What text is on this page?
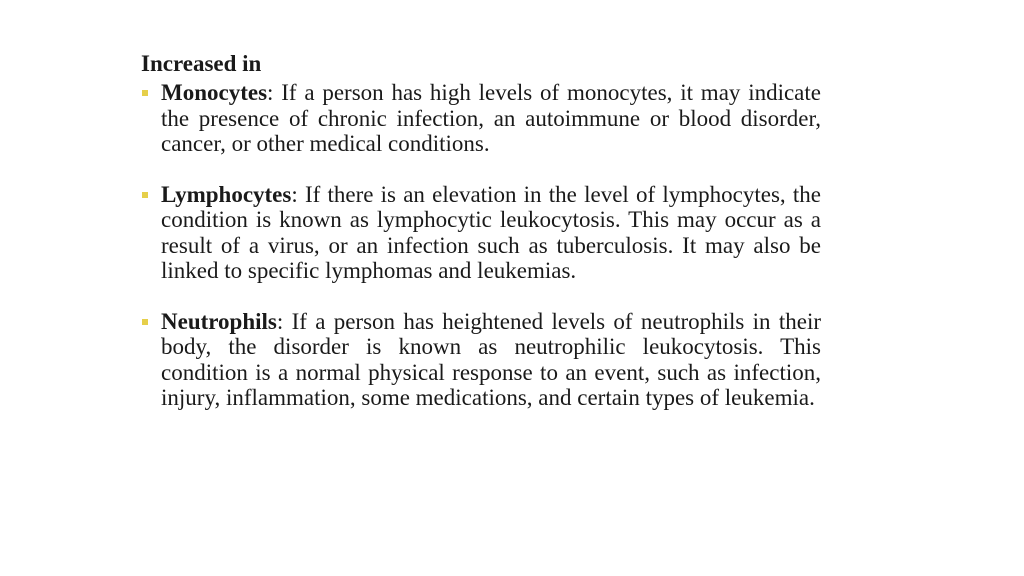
Increased in
Monocytes: If a person has high levels of monocytes, it may indicate the presence of chronic infection, an autoimmune or blood disorder, cancer, or other medical conditions.
Lymphocytes: If there is an elevation in the level of lymphocytes, the condition is known as lymphocytic leukocytosis. This may occur as a result of a virus, or an infection such as tuberculosis. It may also be linked to specific lymphomas and leukemias.
Neutrophils: If a person has heightened levels of neutrophils in their body, the disorder is known as neutrophilic leukocytosis. This condition is a normal physical response to an event, such as infection, injury, inflammation, some medications, and certain types of leukemia.
